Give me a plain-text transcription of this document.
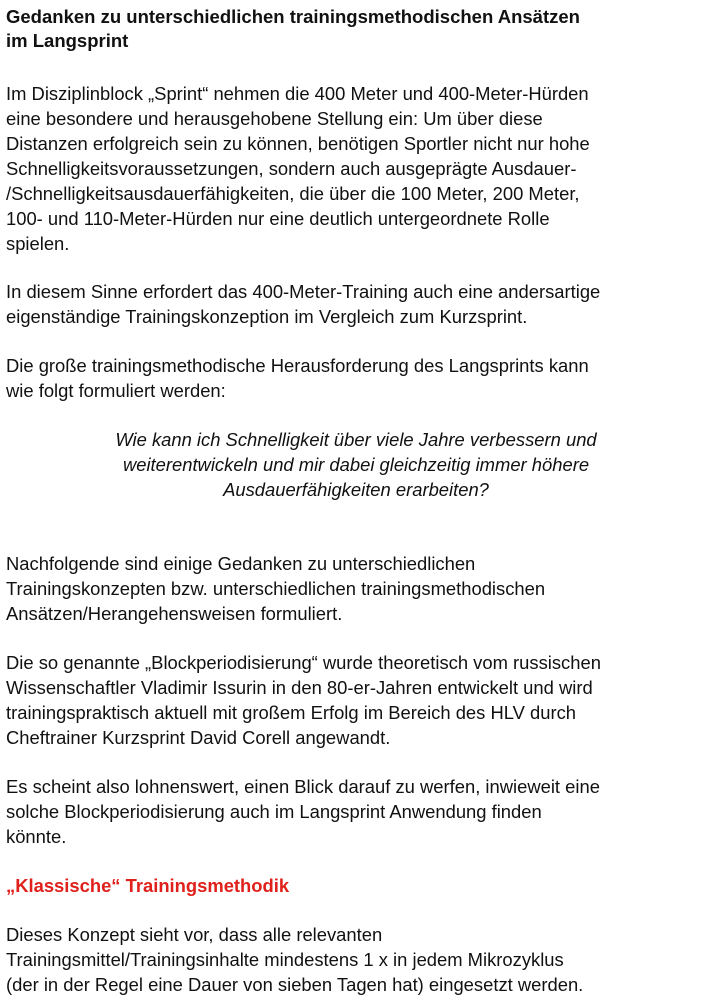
Gedanken zu unterschiedlichen trainingsmethodischen Ansätzen
im Langsprint

Im Disziplinblock „Sprint“ nehmen die 400 Meter und 400-Meter-Hürden
eine besondere und herausgehobene Stellung ein: Um über diese
Distanzen erfolgreich sein zu können, benötigen Sportler nicht nur hohe
Schnelligkeitsvoraussetzungen, sondern auch ausgeprägte Ausdauer-
/Schnelligkeitsausdauerfähigkeiten, die über die 100 Meter, 200 Meter,
100- und 110-Meter-Hürden nur eine deutlich untergeordnete Rolle
spielen.

In diesem Sinne erfordert das 400-Meter-Training auch eine andersartige
eigenständige Trainingskonzeption im Vergleich zum Kurzsprint.

Die große trainingsmethodische Herausforderung des Langsprints kann
wie folgt formuliert werden:

Wie kann ich Schnelligkeit über viele Jahre verbessern und
weiterentwickeln und mir dabei gleichzeitig immer höhere
Ausdauerfähigkeiten erarbeiten?

Nachfolgende sind einige Gedanken zu unterschiedlichen
Trainingskonzepten bzw. unterschiedlichen trainingsmethodischen
Ansätzen/Herangehensweisen formuliert.

Die so genannte „Blockperiodisierung“ wurde theoretisch vom russischen
Wissenschaftler Vladimir Issurin in den 80-er-Jahren entwickelt und wird
trainingspraktisch aktuell mit großem Erfolg im Bereich des HLV durch
Cheftrainer Kurzsprint David Corell angewandt.

Es scheint also lohnenswert, einen Blick darauf zu werfen, inwieweit eine
solche Blockperiodisierung auch im Langsprint Anwendung finden
könnte.

„Klassische“ Trainingsmethodik

Dieses Konzept sieht vor, dass alle relevanten
Trainingsmittel/Trainingsinhalte mindestens 1 x in jedem Mikrozyklus
(der in der Regel eine Dauer von sieben Tagen hat) eingesetzt werden.
